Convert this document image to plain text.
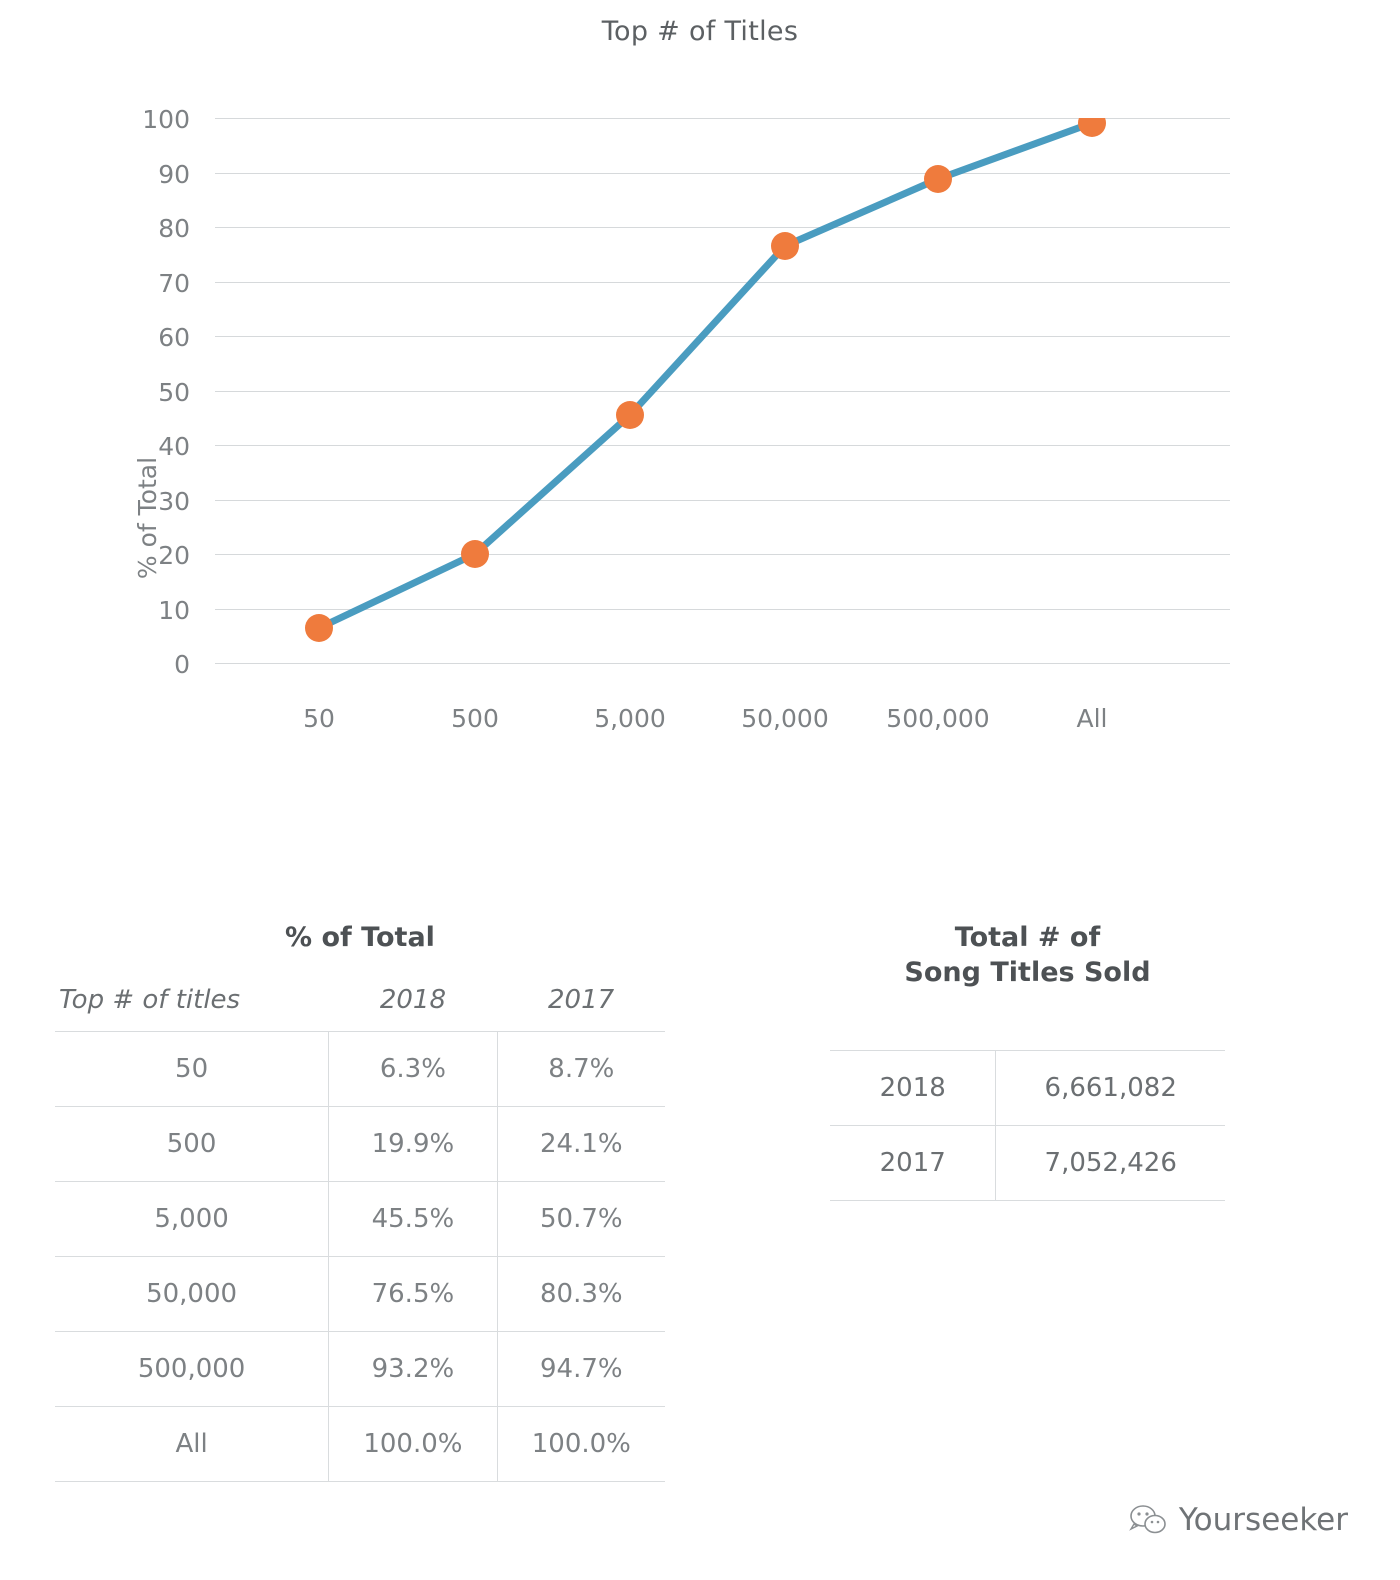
Top # of Titles
100
90
80
70
60
50
40
30
20
10
0
% of Total
50	500	5,000	50,000	500,000	All
% of Total
Top # of titles	2018	2017
50	6.3%	8.7%
500	19.9%	24.1%
5,000	45.5%	50.7%
50,000	76.5%	80.3%
500,000	93.2%	94.7%
All	100.0%	100.0%
Total # of
Song Titles Sold
2018	6,661,082
2017	7,052,426
Yourseeker
